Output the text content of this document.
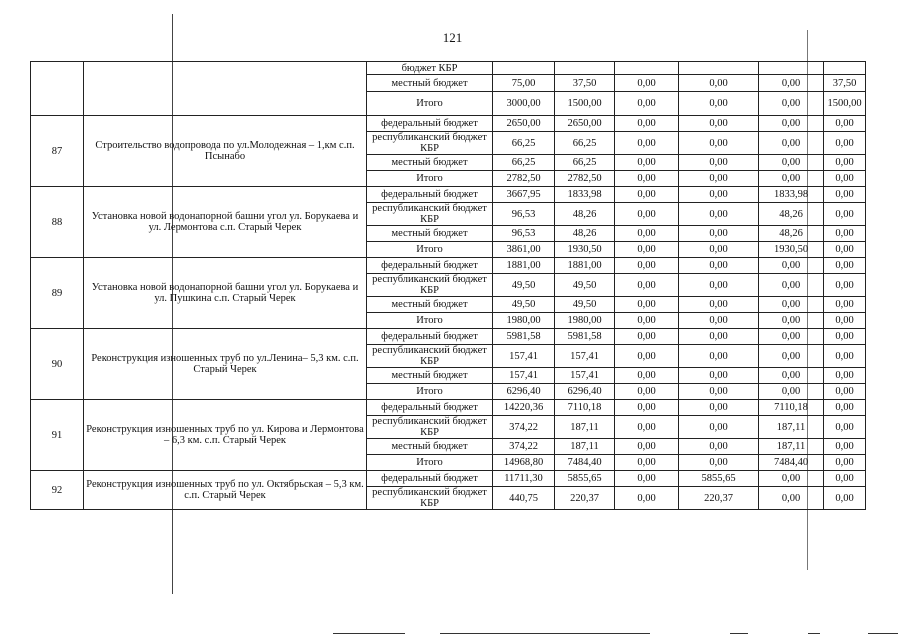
121
		бюджет КБР						
		местный бюджет	75,00	37,50	0,00	0,00	0,00	37,50
		Итого	3000,00	1500,00	0,00	0,00	0,00	1500,00
87	Строительство водопровода по ул.Молодежная – 1,км с.п. Псынабо	федеральный бюджет	2650,00	2650,00	0,00	0,00	0,00	0,00
		республиканский бюджет КБР	66,25	66,25	0,00	0,00	0,00	0,00
		местный бюджет	66,25	66,25	0,00	0,00	0,00	0,00
		Итого	2782,50	2782,50	0,00	0,00	0,00	0,00
88	Установка новой водонапорной башни угол ул. Борукаева и ул. Лермонтова с.п. Старый Черек	федеральный бюджет	3667,95	1833,98	0,00	0,00	1833,98	0,00
		республиканский бюджет КБР	96,53	48,26	0,00	0,00	48,26	0,00
		местный бюджет	96,53	48,26	0,00	0,00	48,26	0,00
		Итого	3861,00	1930,50	0,00	0,00	1930,50	0,00
89	Установка новой водонапорной башни угол ул. Борукаева и ул. Пушкина с.п. Старый Черек	федеральный бюджет	1881,00	1881,00	0,00	0,00	0,00	0,00
		республиканский бюджет КБР	49,50	49,50	0,00	0,00	0,00	0,00
		местный бюджет	49,50	49,50	0,00	0,00	0,00	0,00
		Итого	1980,00	1980,00	0,00	0,00	0,00	0,00
90	Реконструкция изношенных труб по ул.Ленина– 5,3 км. с.п. Старый Черек	федеральный бюджет	5981,58	5981,58	0,00	0,00	0,00	0,00
		республиканский бюджет КБР	157,41	157,41	0,00	0,00	0,00	0,00
		местный бюджет	157,41	157,41	0,00	0,00	0,00	0,00
		Итого	6296,40	6296,40	0,00	0,00	0,00	0,00
91	Реконструкция изношенных труб по ул. Кирова и Лермонтова – 6,3 км. с.п. Старый Черек	федеральный бюджет	14220,36	7110,18	0,00	0,00	7110,18	0,00
		республиканский бюджет КБР	374,22	187,11	0,00	0,00	187,11	0,00
		местный бюджет	374,22	187,11	0,00	0,00	187,11	0,00
		Итого	14968,80	7484,40	0,00	0,00	7484,40	0,00
92	Реконструкция изношенных труб по ул. Октябрьская – 5,3 км. с.п. Старый Черек	федеральный бюджет	11711,30	5855,65	0,00	5855,65	0,00	0,00
		республиканский бюджет КБР	440,75	220,37	0,00	220,37	0,00	0,00
